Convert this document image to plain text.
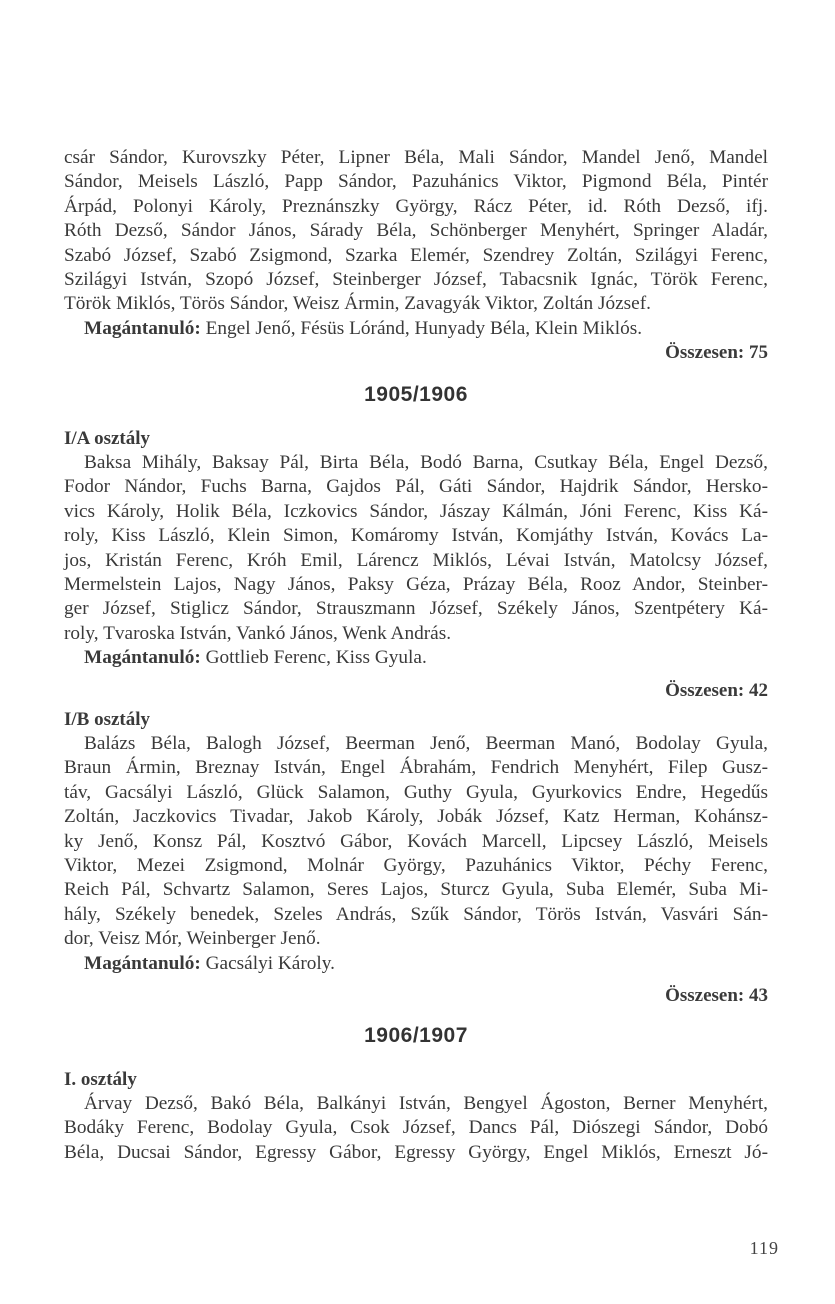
csár Sándor, Kurovszky Péter, Lipner Béla, Mali Sándor, Mandel Jenő, Mandel
Sándor, Meisels László, Papp Sándor, Pazuhánics Viktor, Pigmond Béla, Pintér
Árpád, Polonyi Károly, Preznánszky György, Rácz Péter, id. Róth Dezső, ifj.
Róth Dezső, Sándor János, Sárady Béla, Schönberger Menyhért, Springer Aladár,
Szabó József, Szabó Zsigmond, Szarka Elemér, Szendrey Zoltán, Szilágyi Ferenc,
Szilágyi István, Szopó József, Steinberger József, Tabacsnik Ignác, Török Ferenc,
Török Miklós, Törös Sándor, Weisz Ármin, Zavagyák Viktor, Zoltán József.
Magántanuló: Engel Jenő, Fésüs Lóránd, Hunyady Béla, Klein Miklós.
Összesen: 75
1905/1906
I/A osztály
Baksa Mihály, Baksay Pál, Birta Béla, Bodó Barna, Csutkay Béla, Engel Dezső,
Fodor Nándor, Fuchs Barna, Gajdos Pál, Gáti Sándor, Hajdrik Sándor, Hersko-
vics Károly, Holik Béla, Iczkovics Sándor, Jászay Kálmán, Jóni Ferenc, Kiss Ká-
roly, Kiss László, Klein Simon, Komáromy István, Komjáthy István, Kovács La-
jos, Kristán Ferenc, Króh Emil, Lárencz Miklós, Lévai István, Matolcsy József,
Mermelstein Lajos, Nagy János, Paksy Géza, Prázay Béla, Rooz Andor, Steinber-
ger József, Stiglicz Sándor, Strauszmann József, Székely János, Szentpétery Ká-
roly, Tvaroska István, Vankó János, Wenk András.
Magántanuló: Gottlieb Ferenc, Kiss Gyula.
Összesen: 42
I/B osztály
Balázs Béla, Balogh József, Beerman Jenő, Beerman Manó, Bodolay Gyula,
Braun Ármin, Breznay István, Engel Ábrahám, Fendrich Menyhért, Filep Gusz-
táv, Gacsályi László, Glück Salamon, Guthy Gyula, Gyurkovics Endre, Hegedűs
Zoltán, Jaczkovics Tivadar, Jakob Károly, Jobák József, Katz Herman, Kohánsz-
ky Jenő, Konsz Pál, Kosztvó Gábor, Kovách Marcell, Lipcsey László, Meisels
Viktor, Mezei Zsigmond, Molnár György, Pazuhánics Viktor, Péchy Ferenc,
Reich Pál, Schvartz Salamon, Seres Lajos, Sturcz Gyula, Suba Elemér, Suba Mi-
hály, Székely benedek, Szeles András, Szűk Sándor, Törös István, Vasvári Sán-
dor, Veisz Mór, Weinberger Jenő.
Magántanuló: Gacsályi Károly.
Összesen: 43
1906/1907
I. osztály
Árvay Dezső, Bakó Béla, Balkányi István, Bengyel Ágoston, Berner Menyhért,
Bodáky Ferenc, Bodolay Gyula, Csok József, Dancs Pál, Diószegi Sándor, Dobó
Béla, Ducsai Sándor, Egressy Gábor, Egressy György, Engel Miklós, Erneszt Jó-
119
